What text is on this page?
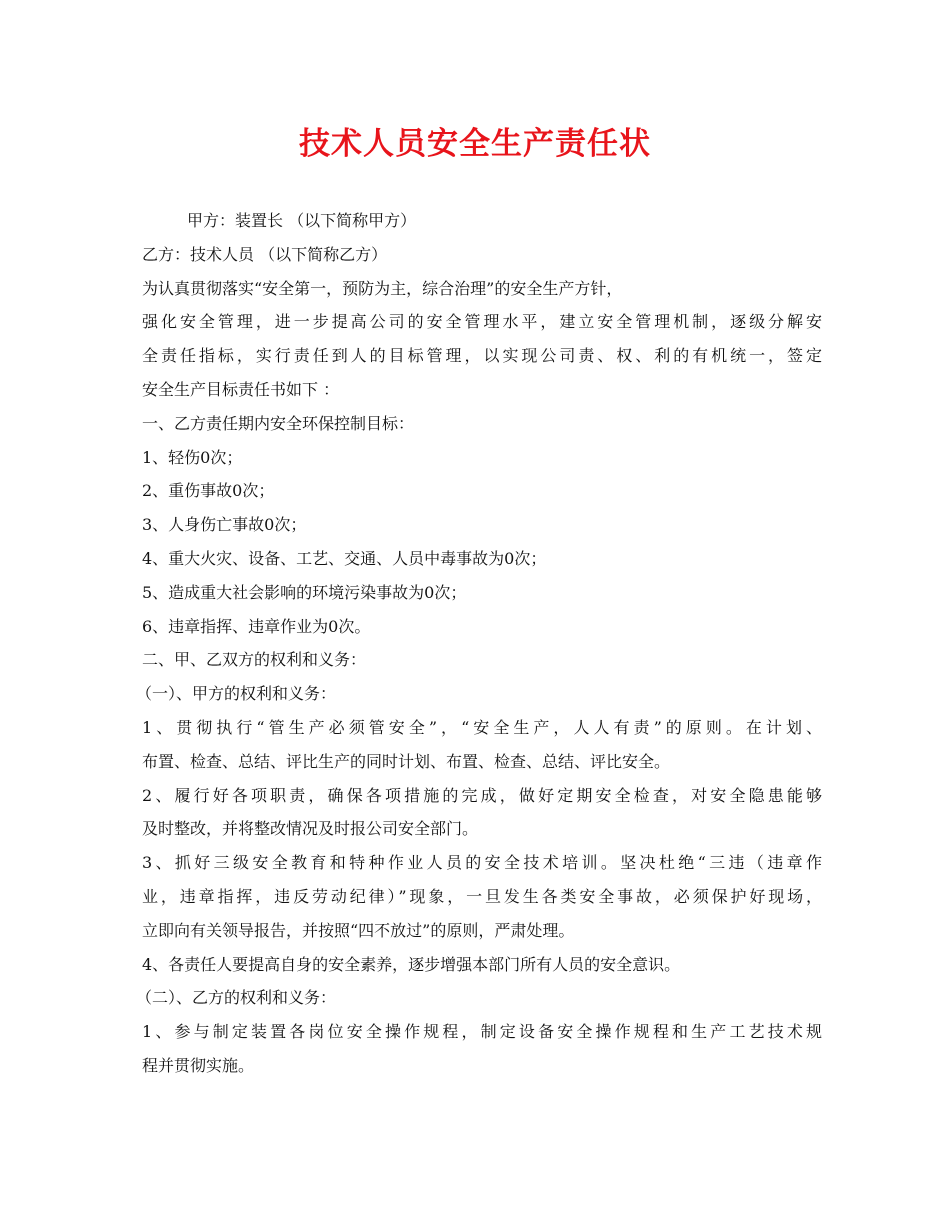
技术人员安全生产责任状
甲方：装置长 （以下简称甲方）
乙方：技术人员 （以下简称乙方）
为认真贯彻落实“安全第一，预防为主，综合治理”的安全生产方针，
强化安全管理，进一步提高公司的安全管理水平，建立安全管理机制，逐级分解安
全责任指标，实行责任到人的目标管理，以实现公司责、权、利的有机统一，签定
安全生产目标责任书如下 ：
一、乙方责任期内安全环保控制目标：
1、轻伤0次；
2、重伤事故0次；
3、人身伤亡事故0次；
4、重大火灾、设备、工艺、交通、人员中毒事故为0次；
5、造成重大社会影响的环境污染事故为0次；
6、违章指挥、违章作业为0次。
二、甲、乙双方的权利和义务：
（一）、甲方的权利和义务：
1、贯彻执行“管生产必须管安全”，“安全生产，人人有责”的原则。在计划、
布置、检查、总结、评比生产的同时计划、布置、检查、总结、评比安全。
2、履行好各项职责，确保各项措施的完成，做好定期安全检查，对安全隐患能够
及时整改，并将整改情况及时报公司安全部门。
3、抓好三级安全教育和特种作业人员的安全技术培训。坚决杜绝“三违（违章作
业，违章指挥，违反劳动纪律）”现象，一旦发生各类安全事故，必须保护好现场，
立即向有关领导报告，并按照“四不放过”的原则，严肃处理。
4、各责任人要提高自身的安全素养，逐步增强本部门所有人员的安全意识。
（二）、乙方的权利和义务：
1、参与制定装置各岗位安全操作规程，制定设备安全操作规程和生产工艺技术规
程并贯彻实施。
